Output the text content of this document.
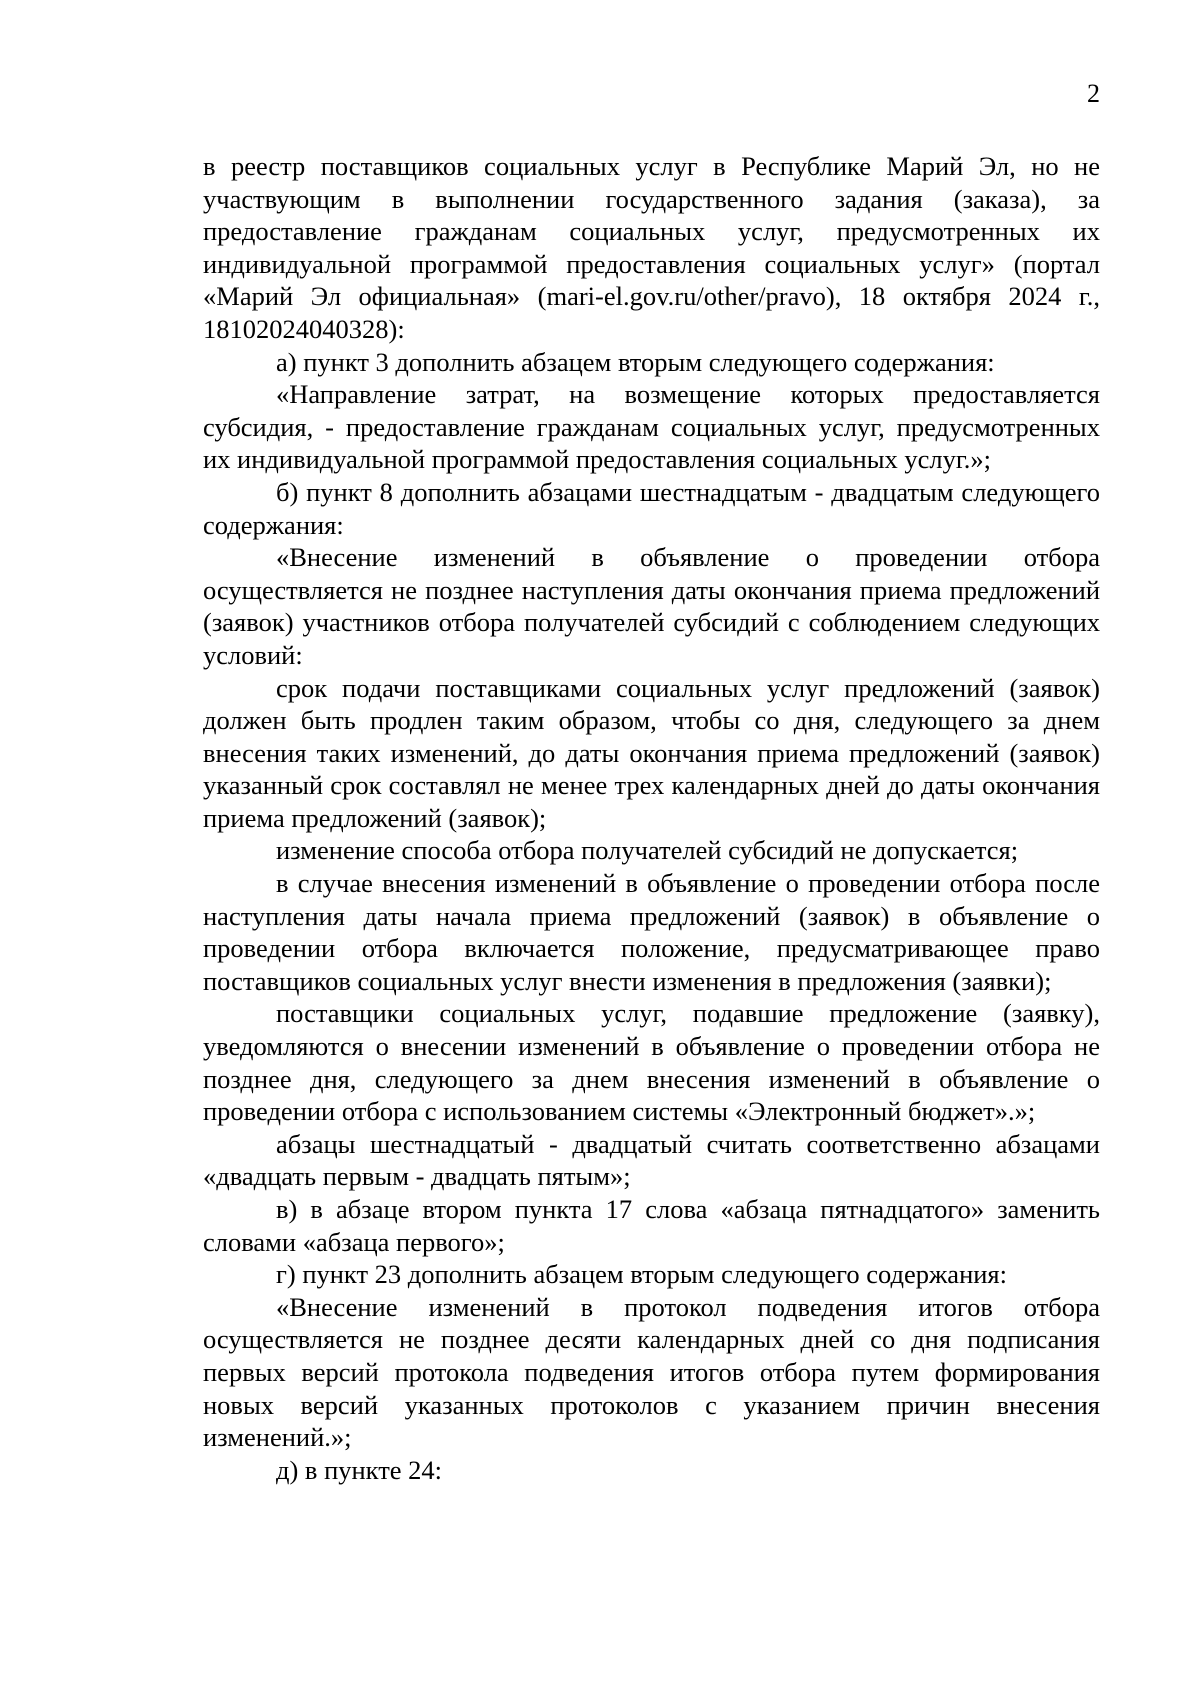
2

в реестр поставщиков социальных услуг в Республике Марий Эл, но не участвующим в выполнении государственного задания (заказа), за предоставление гражданам социальных услуг, предусмотренных их индивидуальной программой предоставления социальных услуг» (портал «Марий Эл официальная» (mari-el.gov.ru/other/pravo), 18 октября 2024 г., 18102024040328):

а) пункт 3 дополнить абзацем вторым следующего содержания:

«Направление затрат, на возмещение которых предоставляется субсидия, - предоставление гражданам социальных услуг, предусмотренных их индивидуальной программой предоставления социальных услуг.»;

б) пункт 8 дополнить абзацами шестнадцатым - двадцатым следующего содержания:

«Внесение изменений в объявление о проведении отбора осуществляется не позднее наступления даты окончания приема предложений (заявок) участников отбора получателей субсидий с соблюдением следующих условий:

срок подачи поставщиками социальных услуг предложений (заявок) должен быть продлен таким образом, чтобы со дня, следующего за днем внесения таких изменений, до даты окончания приема предложений (заявок) указанный срок составлял не менее трех календарных дней до даты окончания приема предложений (заявок);

изменение способа отбора получателей субсидий не допускается;

в случае внесения изменений в объявление о проведении отбора после наступления даты начала приема предложений (заявок) в объявление о проведении отбора включается положение, предусматривающее право поставщиков социальных услуг внести изменения в предложения (заявки);

поставщики социальных услуг, подавшие предложение (заявку), уведомляются о внесении изменений в объявление о проведении отбора не позднее дня, следующего за днем внесения изменений в объявление о проведении отбора с использованием системы «Электронный бюджет».»;

абзацы шестнадцатый - двадцатый считать соответственно абзацами «двадцать первым - двадцать пятым»;

в) в абзаце втором пункта 17 слова «абзаца пятнадцатого» заменить словами «абзаца первого»;

г) пункт 23 дополнить абзацем вторым следующего содержания:

«Внесение изменений в протокол подведения итогов отбора осуществляется не позднее десяти календарных дней со дня подписания первых версий протокола подведения итогов отбора путем формирования новых версий указанных протоколов с указанием причин внесения изменений.»;

д) в пункте 24:
